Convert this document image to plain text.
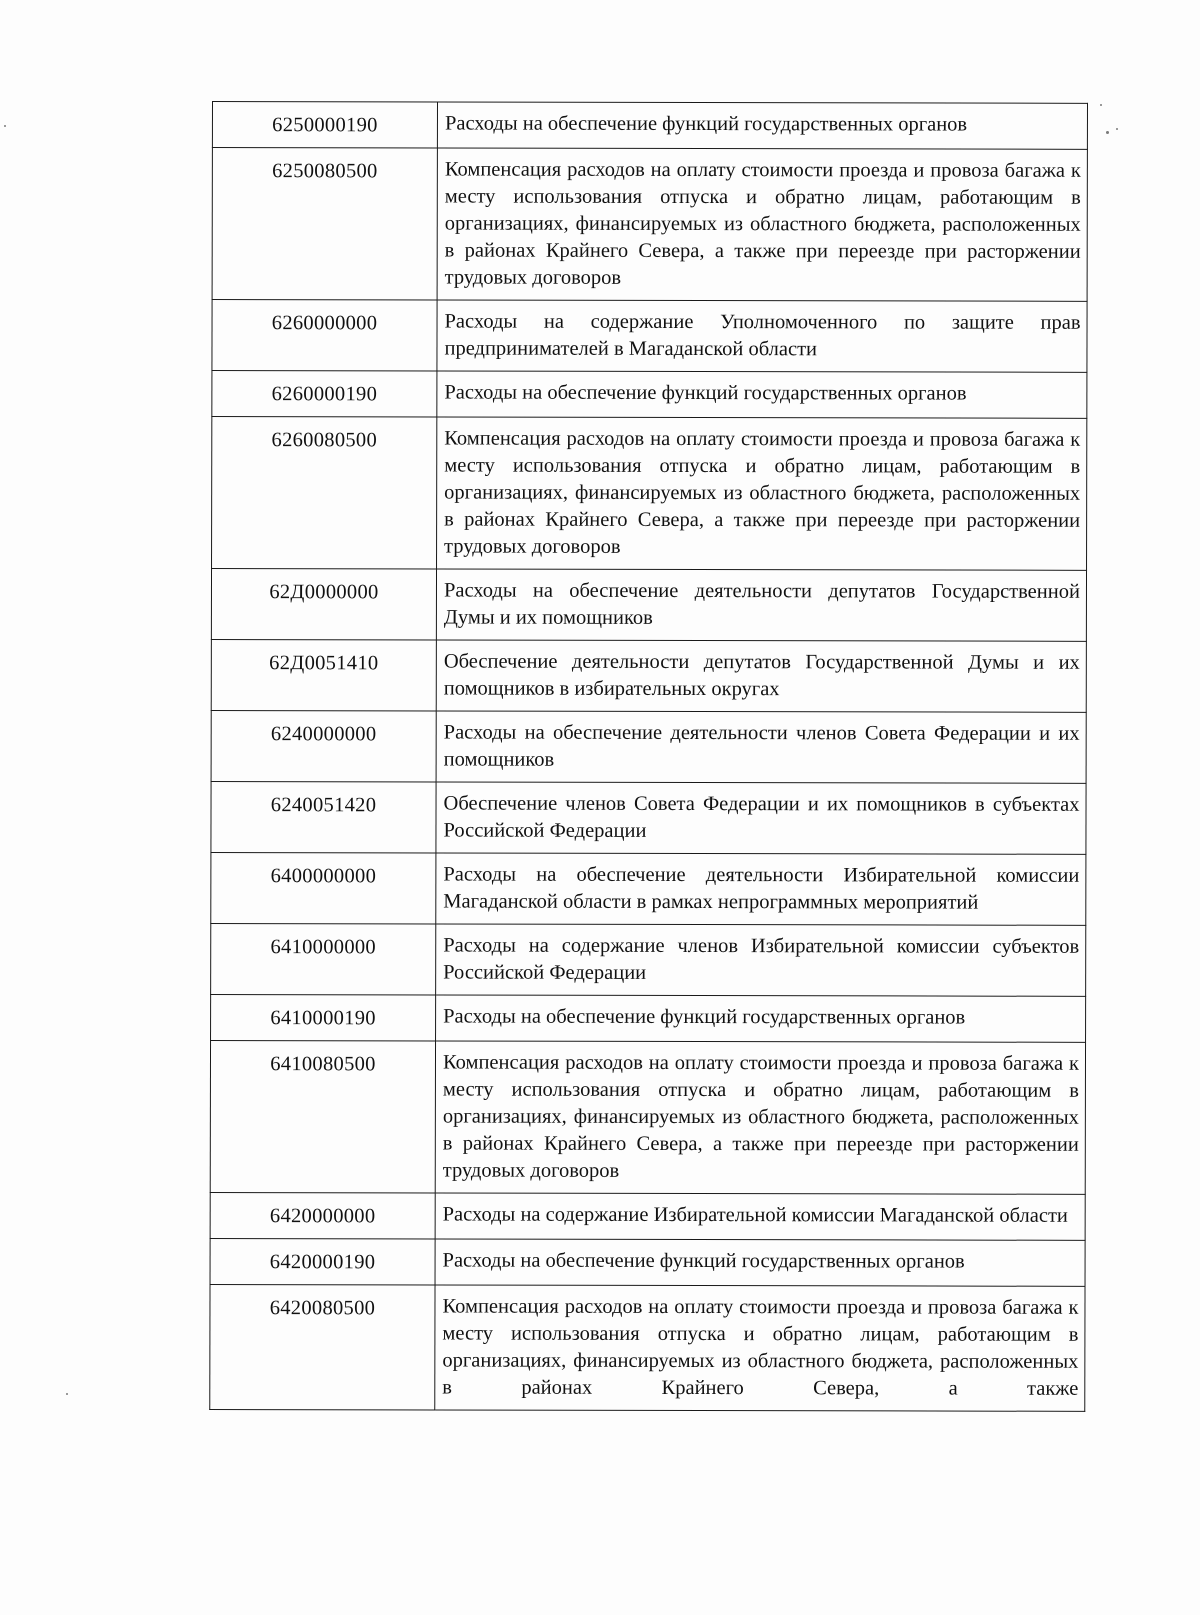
6250000190	Расходы на обеспечение функций государственных органов
6250080500	Компенсация расходов на оплату стоимости проезда и провоза багажа к месту использования отпуска и обратно лицам, работающим в организациях, финансируемых из областного бюджета, расположенных в районах Крайнего Севера, а также при переезде при расторжении трудовых договоров
6260000000	Расходы на содержание Уполномоченного по защите прав предпринимателей в Магаданской области
6260000190	Расходы на обеспечение функций государственных органов
6260080500	Компенсация расходов на оплату стоимости проезда и провоза багажа к месту использования отпуска и обратно лицам, работающим в организациях, финансируемых из областного бюджета, расположенных в районах Крайнего Севера, а также при переезде при расторжении трудовых договоров
62Д0000000	Расходы на обеспечение деятельности депутатов Государственной Думы и их помощников
62Д0051410	Обеспечение деятельности депутатов Государственной Думы и их помощников в избирательных округах
6240000000	Расходы на обеспечение деятельности членов Совета Федерации и их помощников
6240051420	Обеспечение членов Совета Федерации и их помощников в субъектах Российской Федерации
6400000000	Расходы на обеспечение деятельности Избирательной комиссии Магаданской области в рамках непрограммных мероприятий
6410000000	Расходы на содержание членов Избирательной комиссии субъектов Российской Федерации
6410000190	Расходы на обеспечение функций государственных органов
6410080500	Компенсация расходов на оплату стоимости проезда и провоза багажа к месту использования отпуска и обратно лицам, работающим в организациях, финансируемых из областного бюджета, расположенных в районах Крайнего Севера, а также при переезде при расторжении трудовых договоров
6420000000	Расходы на содержание Избирательной комиссии Магаданской области
6420000190	Расходы на обеспечение функций государственных органов
6420080500	Компенсация расходов на оплату стоимости проезда и провоза багажа к месту использования отпуска и обратно лицам, работающим в организациях, финансируемых из областного бюджета, расположенных в районах Крайнего Севера, а также
